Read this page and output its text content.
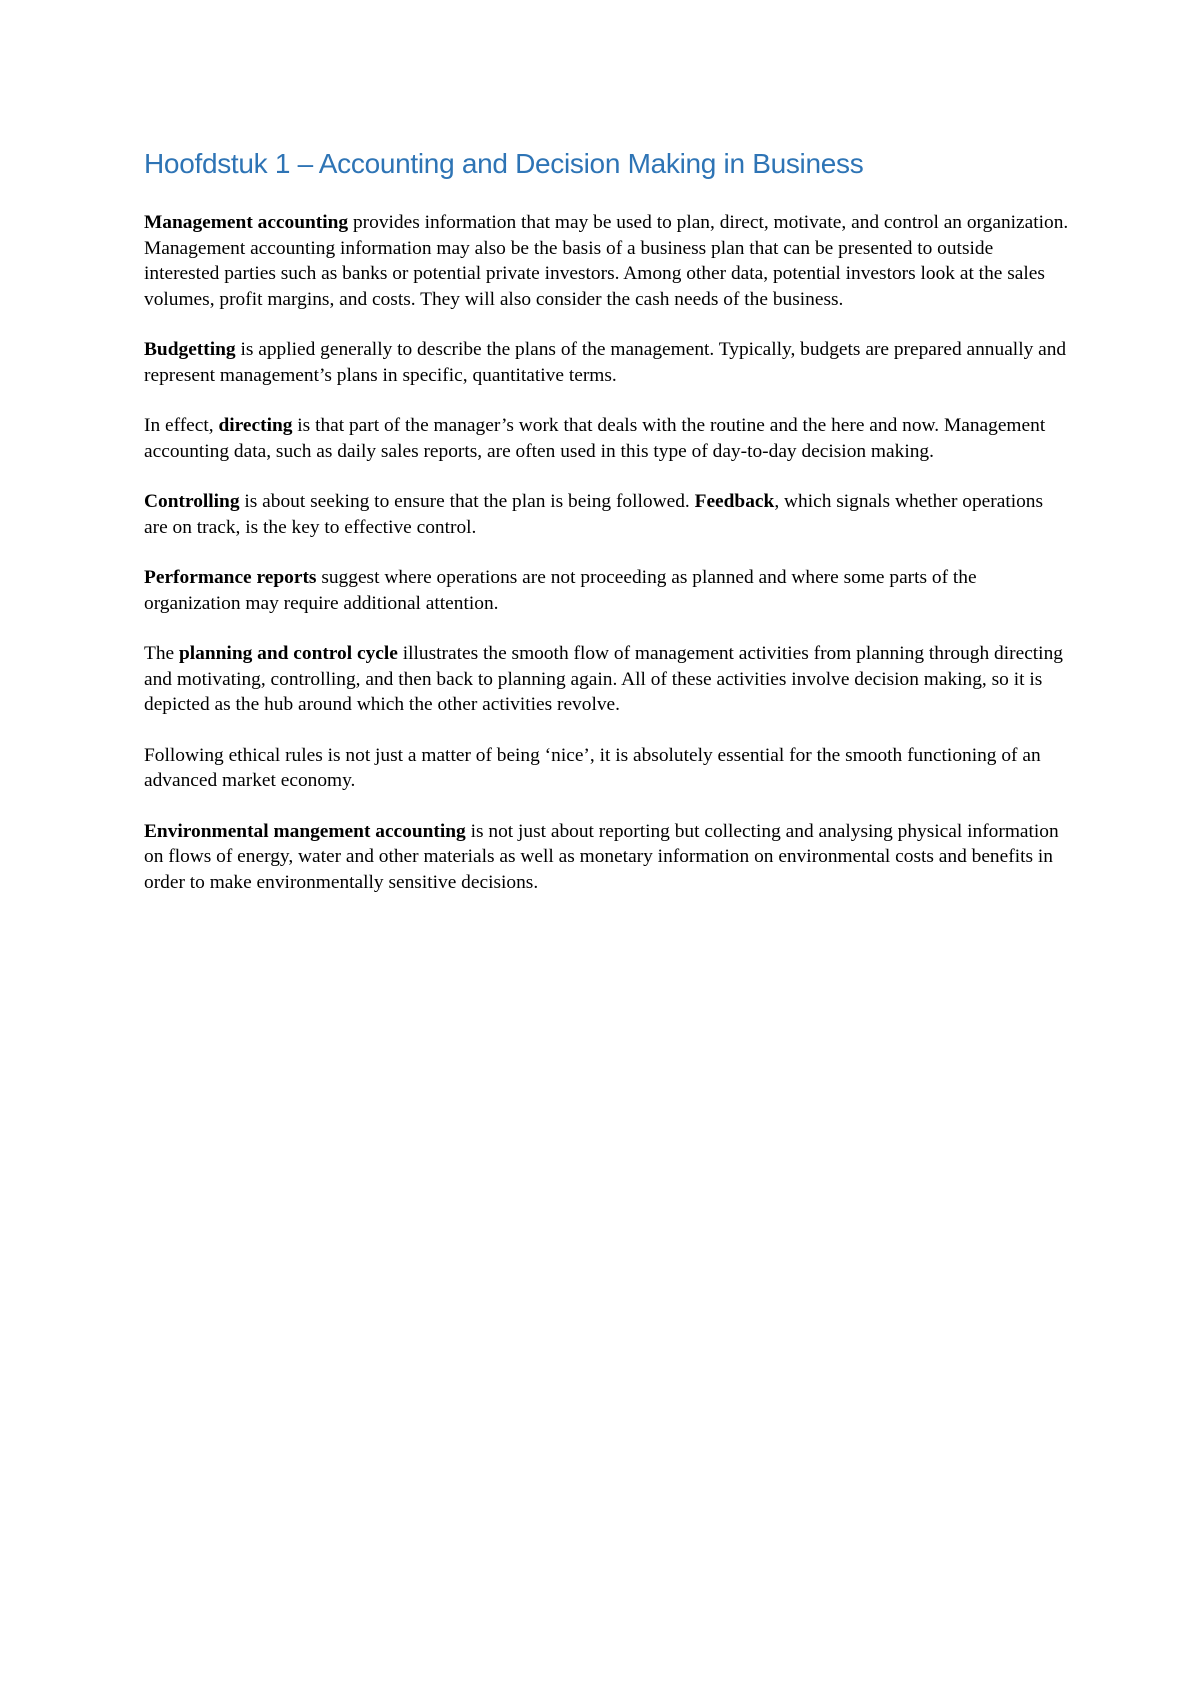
Hoofdstuk 1 – Accounting and Decision Making in Business

Management accounting provides information that may be used to plan, direct, motivate, and control an organization. Management accounting information may also be the basis of a business plan that can be presented to outside interested parties such as banks or potential private investors. Among other data, potential investors look at the sales volumes, profit margins, and costs. They will also consider the cash needs of the business.

Budgetting is applied generally to describe the plans of the management. Typically, budgets are prepared annually and represent management’s plans in specific, quantitative terms.

In effect, directing is that part of the manager’s work that deals with the routine and the here and now. Management accounting data, such as daily sales reports, are often used in this type of day-to-day decision making.

Controlling is about seeking to ensure that the plan is being followed. Feedback, which signals whether operations are on track, is the key to effective control.

Performance reports suggest where operations are not proceeding as planned and where some parts of the organization may require additional attention.

The planning and control cycle illustrates the smooth flow of management activities from planning through directing and motivating, controlling, and then back to planning again. All of these activities involve decision making, so it is depicted as the hub around which the other activities revolve.

Following ethical rules is not just a matter of being ‘nice’, it is absolutely essential for the smooth functioning of an advanced market economy.

Environmental mangement accounting is not just about reporting but collecting and analysing physical information on flows of energy, water and other materials as well as monetary information on environmental costs and benefits in order to make environmentally sensitive decisions.
